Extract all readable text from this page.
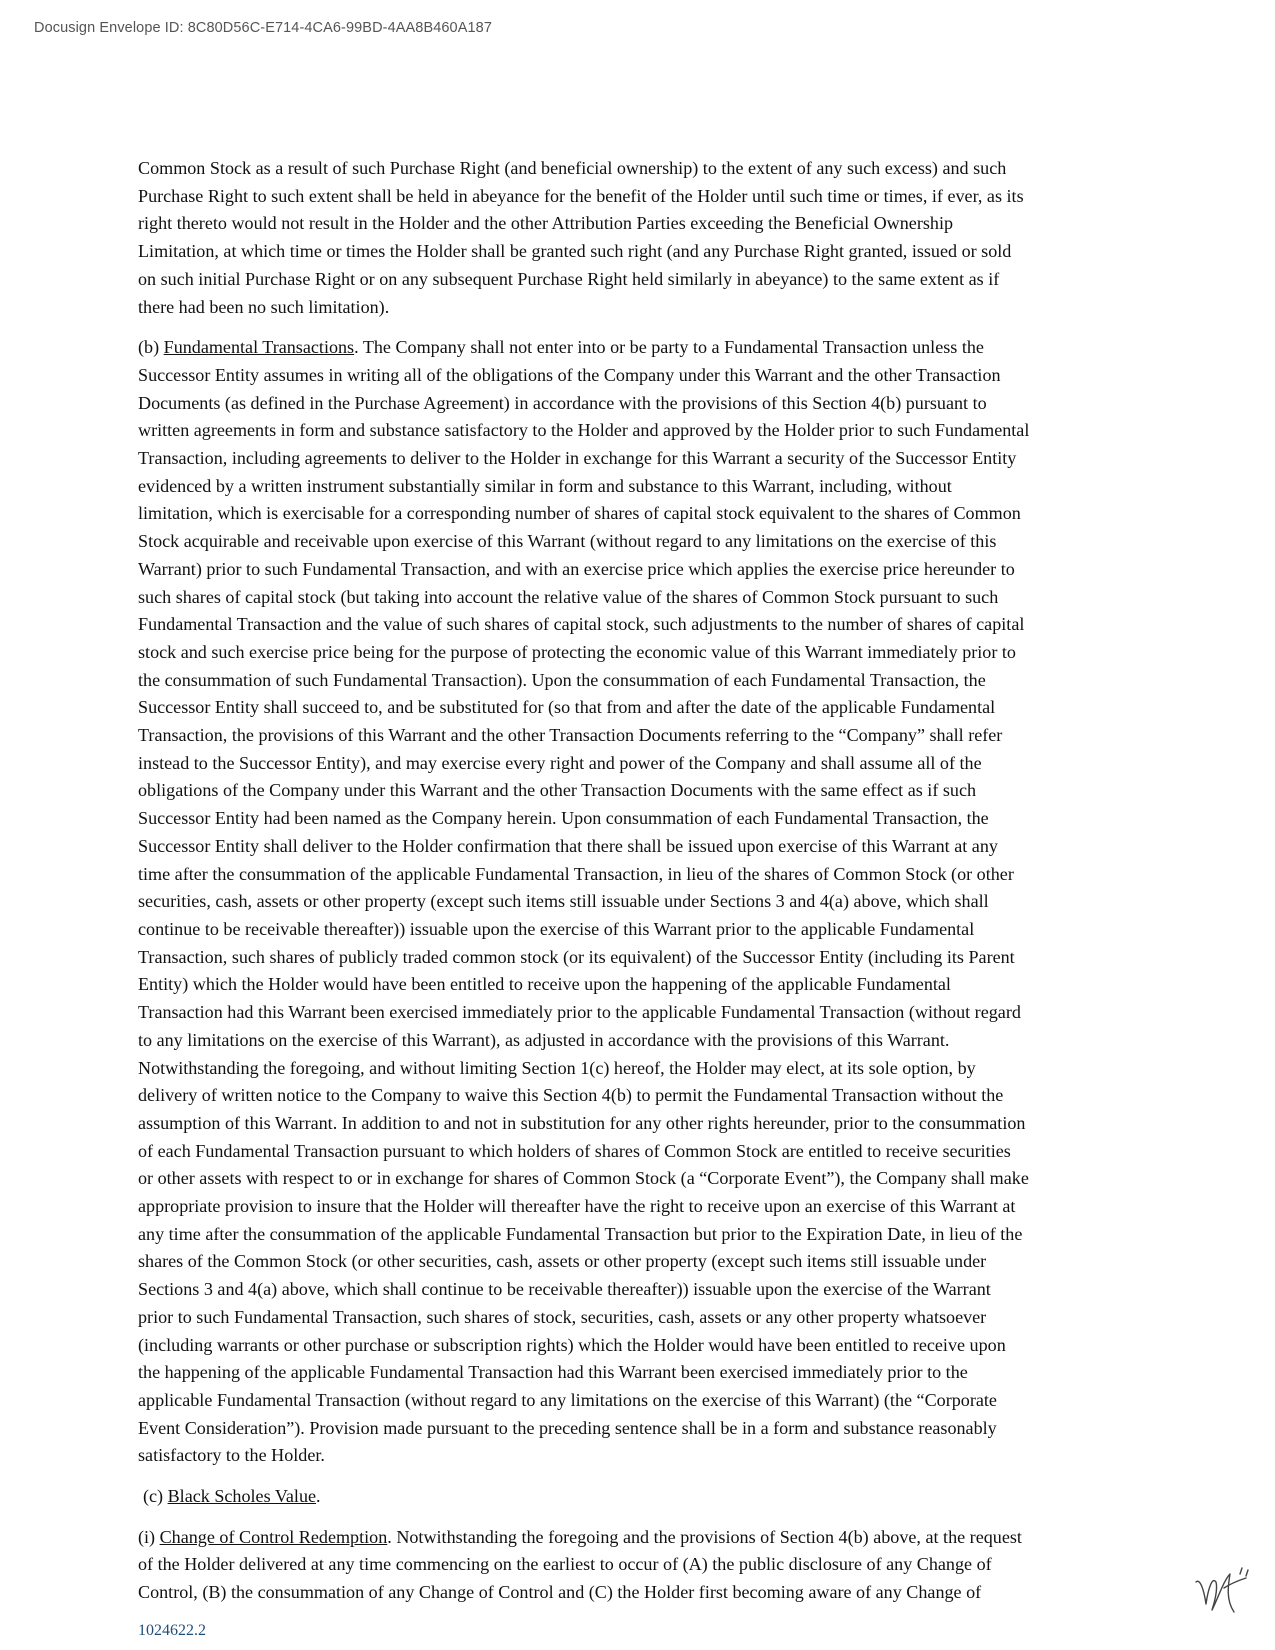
Docusign Envelope ID: 8C80D56C-E714-4CA6-99BD-4AA8B460A187

Common Stock as a result of such Purchase Right (and beneficial ownership) to the extent of any such excess) and such
Purchase Right to such extent shall be held in abeyance for the benefit of the Holder until such time or times, if ever, as its
right thereto would not result in the Holder and the other Attribution Parties exceeding the Beneficial Ownership
Limitation, at which time or times the Holder shall be granted such right (and any Purchase Right granted, issued or sold
on such initial Purchase Right or on any subsequent Purchase Right held similarly in abeyance) to the same extent as if
there had been no such limitation).

(b) Fundamental Transactions. The Company shall not enter into or be party to a Fundamental Transaction unless the
Successor Entity assumes in writing all of the obligations of the Company under this Warrant and the other Transaction
Documents (as defined in the Purchase Agreement) in accordance with the provisions of this Section 4(b) pursuant to
written agreements in form and substance satisfactory to the Holder and approved by the Holder prior to such Fundamental
Transaction, including agreements to deliver to the Holder in exchange for this Warrant a security of the Successor Entity
evidenced by a written instrument substantially similar in form and substance to this Warrant, including, without
limitation, which is exercisable for a corresponding number of shares of capital stock equivalent to the shares of Common
Stock acquirable and receivable upon exercise of this Warrant (without regard to any limitations on the exercise of this
Warrant) prior to such Fundamental Transaction, and with an exercise price which applies the exercise price hereunder to
such shares of capital stock (but taking into account the relative value of the shares of Common Stock pursuant to such
Fundamental Transaction and the value of such shares of capital stock, such adjustments to the number of shares of capital
stock and such exercise price being for the purpose of protecting the economic value of this Warrant immediately prior to
the consummation of such Fundamental Transaction). Upon the consummation of each Fundamental Transaction, the
Successor Entity shall succeed to, and be substituted for (so that from and after the date of the applicable Fundamental
Transaction, the provisions of this Warrant and the other Transaction Documents referring to the “Company” shall refer
instead to the Successor Entity), and may exercise every right and power of the Company and shall assume all of the
obligations of the Company under this Warrant and the other Transaction Documents with the same effect as if such
Successor Entity had been named as the Company herein. Upon consummation of each Fundamental Transaction, the
Successor Entity shall deliver to the Holder confirmation that there shall be issued upon exercise of this Warrant at any
time after the consummation of the applicable Fundamental Transaction, in lieu of the shares of Common Stock (or other
securities, cash, assets or other property (except such items still issuable under Sections 3 and 4(a) above, which shall
continue to be receivable thereafter)) issuable upon the exercise of this Warrant prior to the applicable Fundamental
Transaction, such shares of publicly traded common stock (or its equivalent) of the Successor Entity (including its Parent
Entity) which the Holder would have been entitled to receive upon the happening of the applicable Fundamental
Transaction had this Warrant been exercised immediately prior to the applicable Fundamental Transaction (without regard
to any limitations on the exercise of this Warrant), as adjusted in accordance with the provisions of this Warrant.
Notwithstanding the foregoing, and without limiting Section 1(c) hereof, the Holder may elect, at its sole option, by
delivery of written notice to the Company to waive this Section 4(b) to permit the Fundamental Transaction without the
assumption of this Warrant. In addition to and not in substitution for any other rights hereunder, prior to the consummation
of each Fundamental Transaction pursuant to which holders of shares of Common Stock are entitled to receive securities
or other assets with respect to or in exchange for shares of Common Stock (a “Corporate Event”), the Company shall make
appropriate provision to insure that the Holder will thereafter have the right to receive upon an exercise of this Warrant at
any time after the consummation of the applicable Fundamental Transaction but prior to the Expiration Date, in lieu of the
shares of the Common Stock (or other securities, cash, assets or other property (except such items still issuable under
Sections 3 and 4(a) above, which shall continue to be receivable thereafter)) issuable upon the exercise of the Warrant
prior to such Fundamental Transaction, such shares of stock, securities, cash, assets or any other property whatsoever
(including warrants or other purchase or subscription rights) which the Holder would have been entitled to receive upon
the happening of the applicable Fundamental Transaction had this Warrant been exercised immediately prior to the
applicable Fundamental Transaction (without regard to any limitations on the exercise of this Warrant) (the “Corporate
Event Consideration”). Provision made pursuant to the preceding sentence shall be in a form and substance reasonably
satisfactory to the Holder.

(c) Black Scholes Value.

(i) Change of Control Redemption. Notwithstanding the foregoing and the provisions of Section 4(b) above, at the request
of the Holder delivered at any time commencing on the earliest to occur of (A) the public disclosure of any Change of
Control, (B) the consummation of any Change of Control and (C) the Holder first becoming aware of any Change of

1024622.2
